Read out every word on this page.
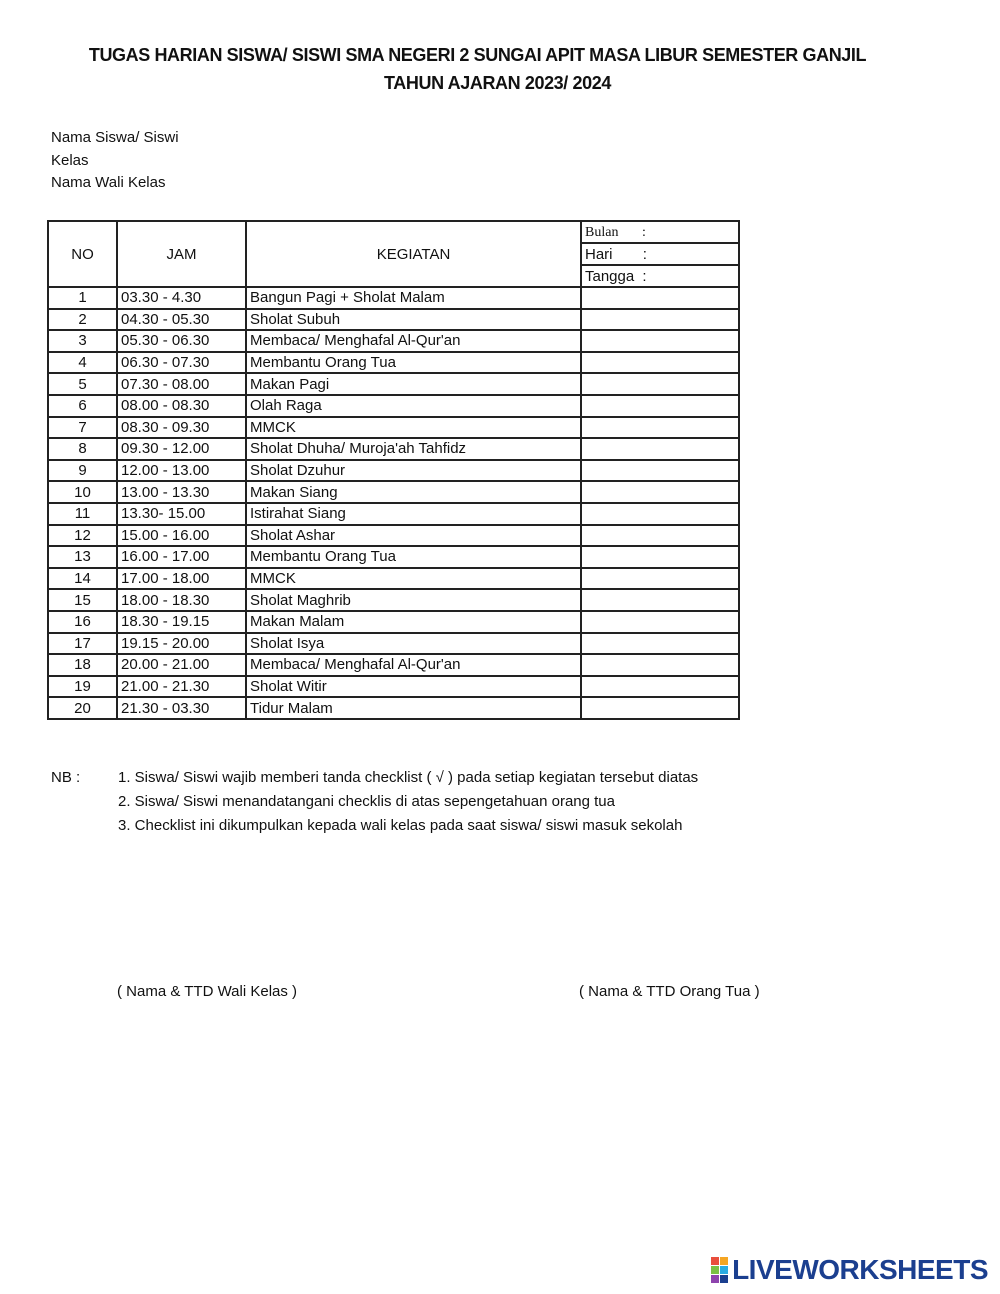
TUGAS HARIAN SISWA/ SISWI SMA NEGERI 2 SUNGAI APIT MASA LIBUR SEMESTER GANJIL
TAHUN AJARAN 2023/ 2024
Nama Siswa/ Siswi
Kelas
Nama Wali Kelas
NO	JAM	KEGIATAN	Bulan :
			Hari :
			Tangga :
1	03.30 - 4.30	Bangun Pagi + Sholat Malam	
2	04.30 - 05.30	Sholat Subuh	
3	05.30 - 06.30	Membaca/ Menghafal Al-Qur'an	
4	06.30 - 07.30	Membantu Orang Tua	
5	07.30 - 08.00	Makan Pagi	
6	08.00 - 08.30	Olah Raga	
7	08.30 - 09.30	MMCK	
8	09.30 - 12.00	Sholat Dhuha/ Muroja'ah Tahfidz	
9	12.00 - 13.00	Sholat Dzuhur	
10	13.00 - 13.30	Makan Siang	
11	13.30- 15.00	Istirahat Siang	
12	15.00 - 16.00	Sholat Ashar	
13	16.00 - 17.00	Membantu Orang Tua	
14	17.00 - 18.00	MMCK	
15	18.00 - 18.30	Sholat Maghrib	
16	18.30 - 19.15	Makan Malam	
17	19.15 - 20.00	Sholat Isya	
18	20.00 - 21.00	Membaca/ Menghafal Al-Qur'an	
19	21.00 - 21.30	Sholat Witir	
20	21.30 - 03.30	Tidur Malam	
NB :	1. Siswa/ Siswi wajib memberi tanda checklist ( √ ) pada setiap kegiatan tersebut diatas
2. Siswa/ Siswi menandatangani checklis di atas sepengetahuan orang tua
3. Checklist ini dikumpulkan kepada wali kelas pada saat siswa/ siswi masuk sekolah
( Nama & TTD Wali Kelas )	( Nama & TTD Orang Tua )
LIVEWORKSHEETS
